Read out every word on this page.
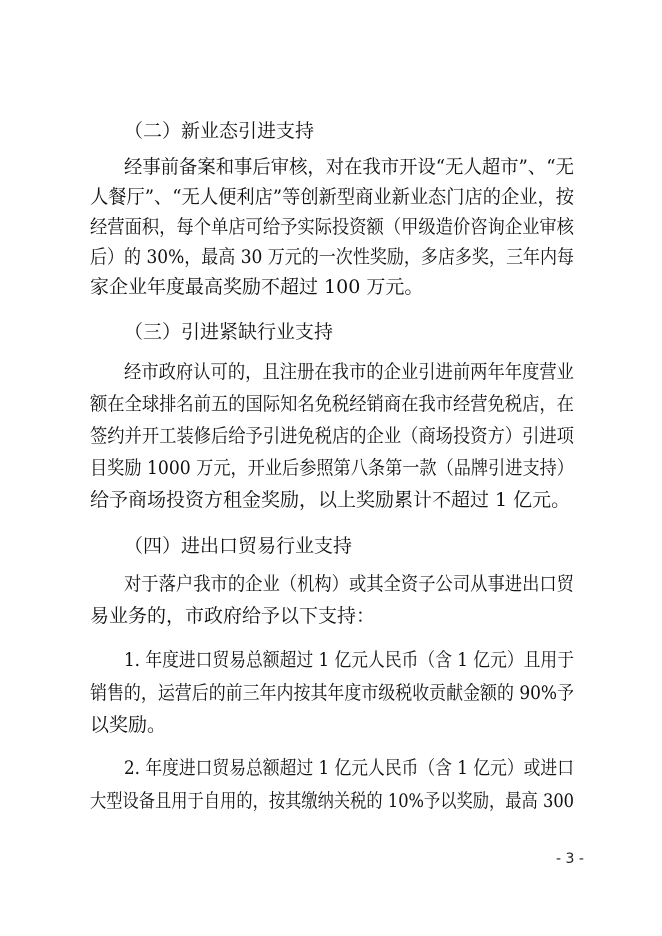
（二）新业态引进支持
经事前备案和事后审核，对在我市开设“无人超市”、“无
人餐厅”、“无人便利店”等创新型商业新业态门店的企业，按
经营面积，每个单店可给予实际投资额（甲级造价咨询企业审核
后）的 30%，最高 30 万元的一次性奖励，多店多奖，三年内每
家企业年度最高奖励不超过 100 万元。
（三）引进紧缺行业支持
经市政府认可的，且注册在我市的企业引进前两年年度营业
额在全球排名前五的国际知名免税经销商在我市经营免税店，在
签约并开工装修后给予引进免税店的企业（商场投资方）引进项
目奖励 1000 万元，开业后参照第八条第一款（品牌引进支持）
给予商场投资方租金奖励，以上奖励累计不超过 1 亿元。
（四）进出口贸易行业支持
对于落户我市的企业（机构）或其全资子公司从事进出口贸
易业务的，市政府给予以下支持：
1. 年度进口贸易总额超过 1 亿元人民币（含 1 亿元）且用于
销售的，运营后的前三年内按其年度市级税收贡献金额的 90%予
以奖励。
2. 年度进口贸易总额超过 1 亿元人民币（含 1 亿元）或进口
大型设备且用于自用的，按其缴纳关税的 10%予以奖励，最高 300
- 3 -
